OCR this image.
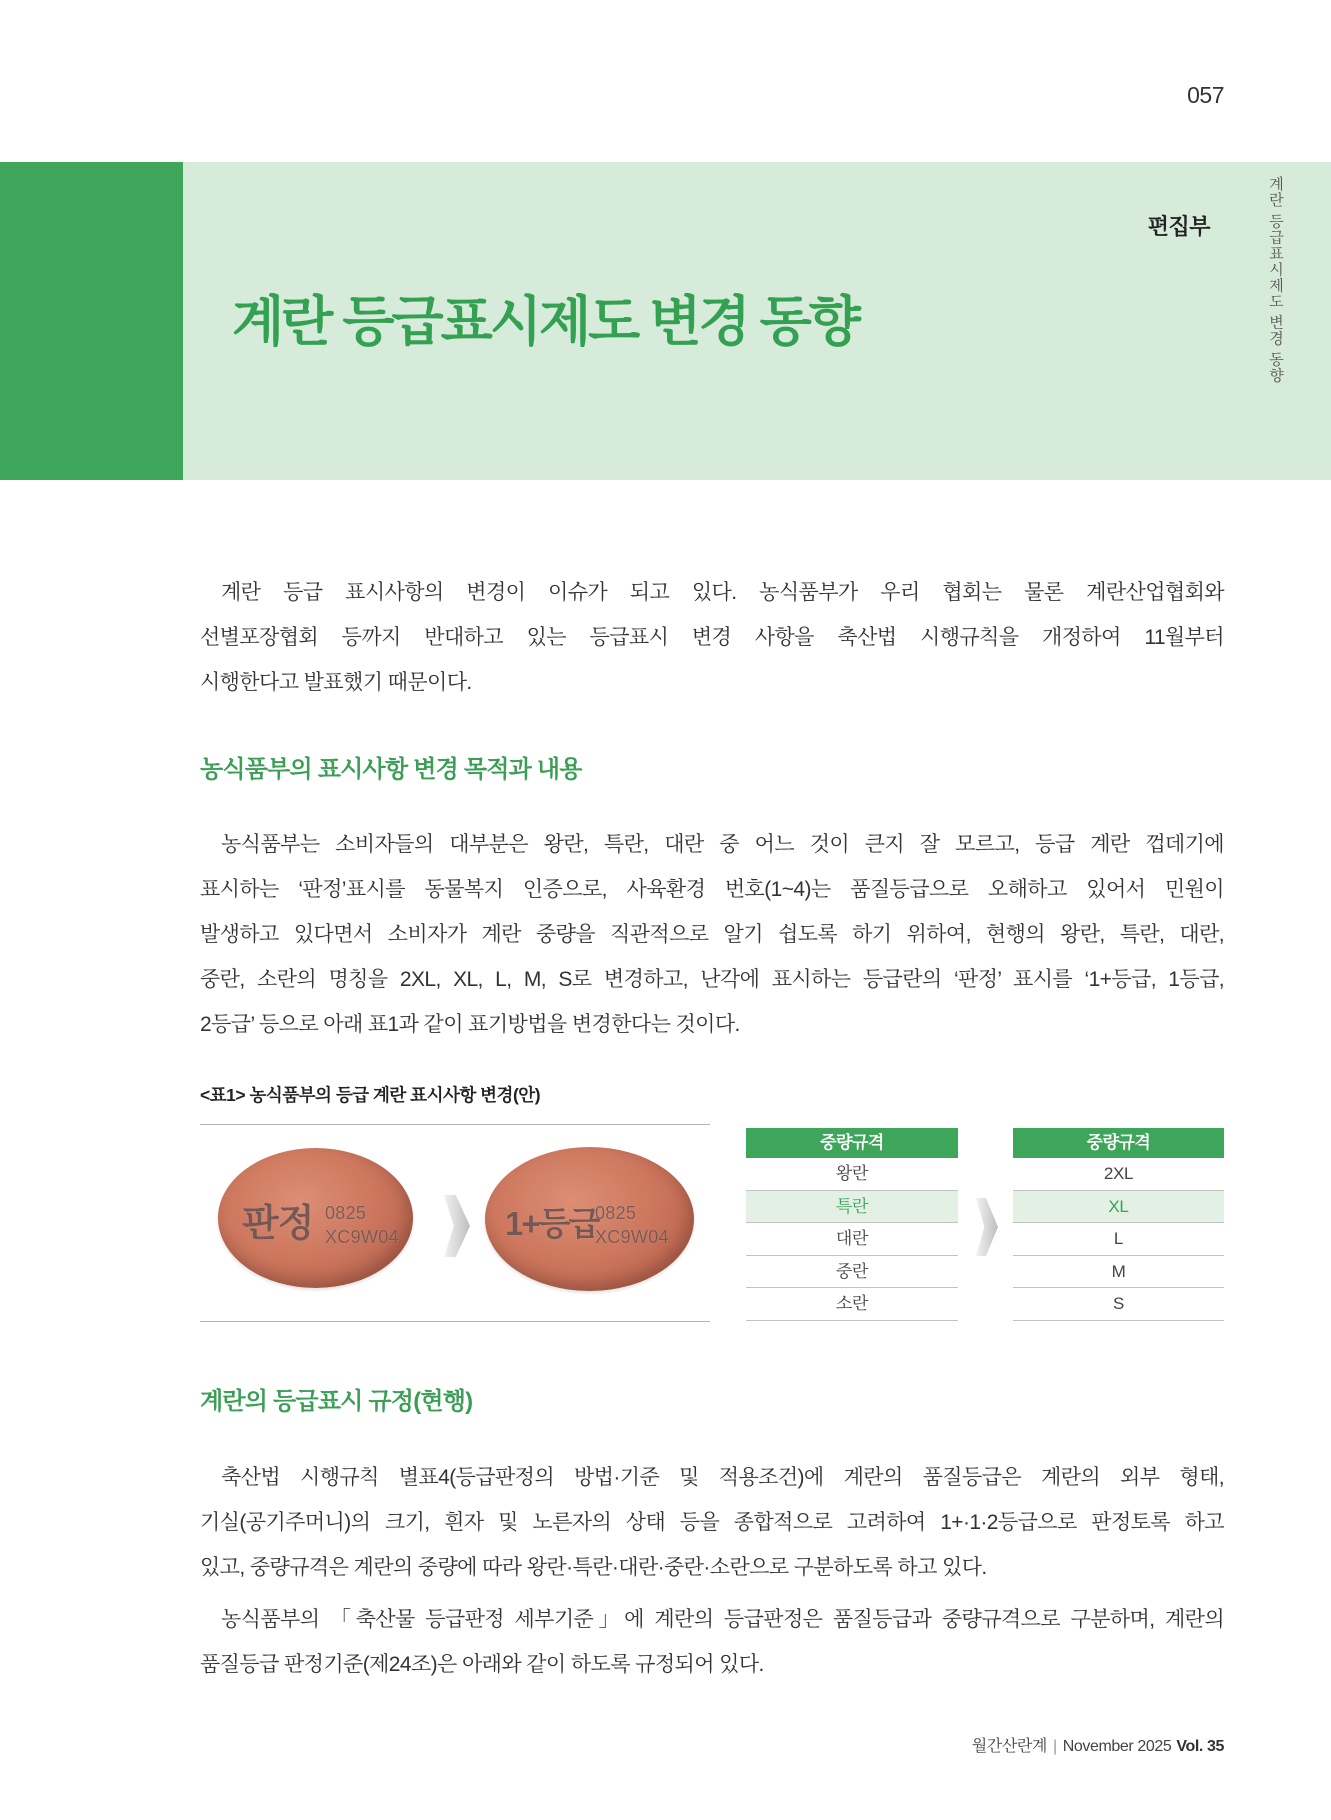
057
편집부
계란 등급표시제도 변경 동향	계란 등급표시제도 변경 동향
계란 등급 표시사항의 변경이 이슈가 되고 있다. 농식품부가 우리 협회는 물론 계란산업협회와
선별포장협회 등까지 반대하고 있는 등급표시 변경 사항을 축산법 시행규칙을 개정하여 11월부터
시행한다고 발표했기 때문이다.
농식품부의 표시사항 변경 목적과 내용
농식품부는 소비자들의 대부분은 왕란, 특란, 대란 중 어느 것이 큰지 잘 모르고, 등급 계란 껍데기에
표시하는 ‘판정’표시를 동물복지 인증으로, 사육환경 번호(1~4)는 품질등급으로 오해하고 있어서 민원이
발생하고 있다면서 소비자가 계란 중량을 직관적으로 알기 쉽도록 하기 위하여, 현행의 왕란, 특란, 대란,
중란, 소란의 명칭을 2XL, XL, L, M, S로 변경하고, 난각에 표시하는 등급란의 ‘판정’ 표시를 ‘1+등급, 1등급,
2등급’ 등으로 아래 표1과 같이 표기방법을 변경한다는 것이다.
<표1> 농식품부의 등급 계란 표시사항 변경(안)
판정 0825
XC9W04	1+등급
0825
XC9W04
중량규격
왕란
특란
대란
중란
소란
중량규격
2XL
XL
L
M
S
계란의 등급표시 규정(현행)
축산법 시행규칙 별표4(등급판정의 방법·기준 및 적용조건)에 계란의 품질등급은 계란의 외부 형태,
기실(공기주머니)의 크기, 흰자 및 노른자의 상태 등을 종합적으로 고려하여 1+·1·2등급으로 판정토록 하고
있고, 중량규격은 계란의 중량에 따라 왕란·특란·대란·중란·소란으로 구분하도록 하고 있다.
농식품부의 「축산물 등급판정 세부기준」에 계란의 등급판정은 품질등급과 중량규격으로 구분하며, 계란의
품질등급 판정기준(제24조)은 아래와 같이 하도록 규정되어 있다.
월간산란계 | November 2025 Vol. 35
